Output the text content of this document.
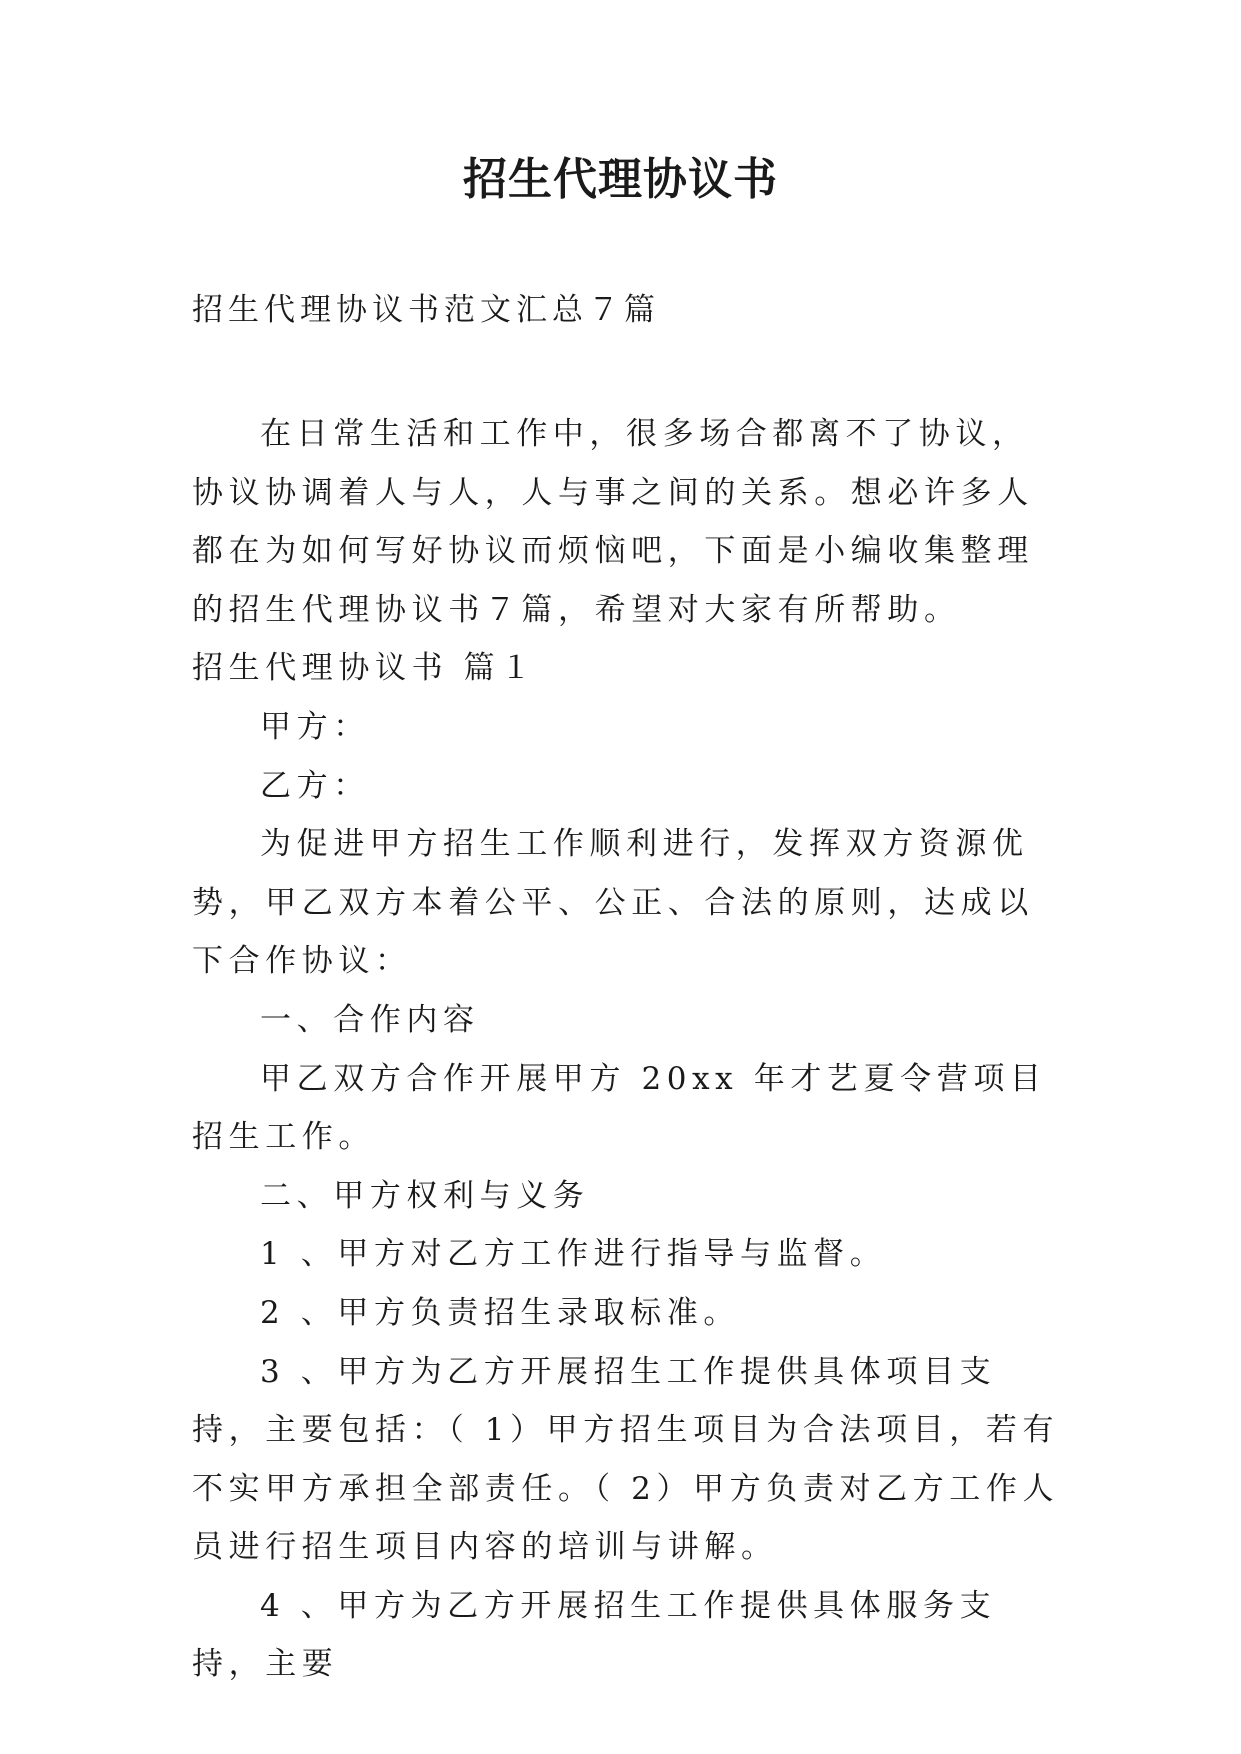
招生代理协议书

招生代理协议书范文汇总７篇

在日常生活和工作中，很多场合都离不了协议，协议协调着人与人，人与事之间的关系。想必许多人都在为如何写好协议而烦恼吧，下面是小编收集整理的招生代理协议书７篇，希望对大家有所帮助。

招生代理协议书 篇１

甲方：

乙方：

为促进甲方招生工作顺利进行，发挥双方资源优势，甲乙双方本着公平、公正、合法的原则，达成以下合作协议：

一、合作内容

甲乙双方合作开展甲方 20xx 年才艺夏令营项目招生工作。

二、甲方权利与义务

1 、甲方对乙方工作进行指导与监督。

2 、甲方负责招生录取标准。

3 、甲方为乙方开展招生工作提供具体项目支持，主要包括：（ 1）甲方招生项目为合法项目，若有不实甲方承担全部责任。（ 2）甲方负责对乙方工作人员进行招生项目内容的培训与讲解。

4 、甲方为乙方开展招生工作提供具体服务支持，主要
